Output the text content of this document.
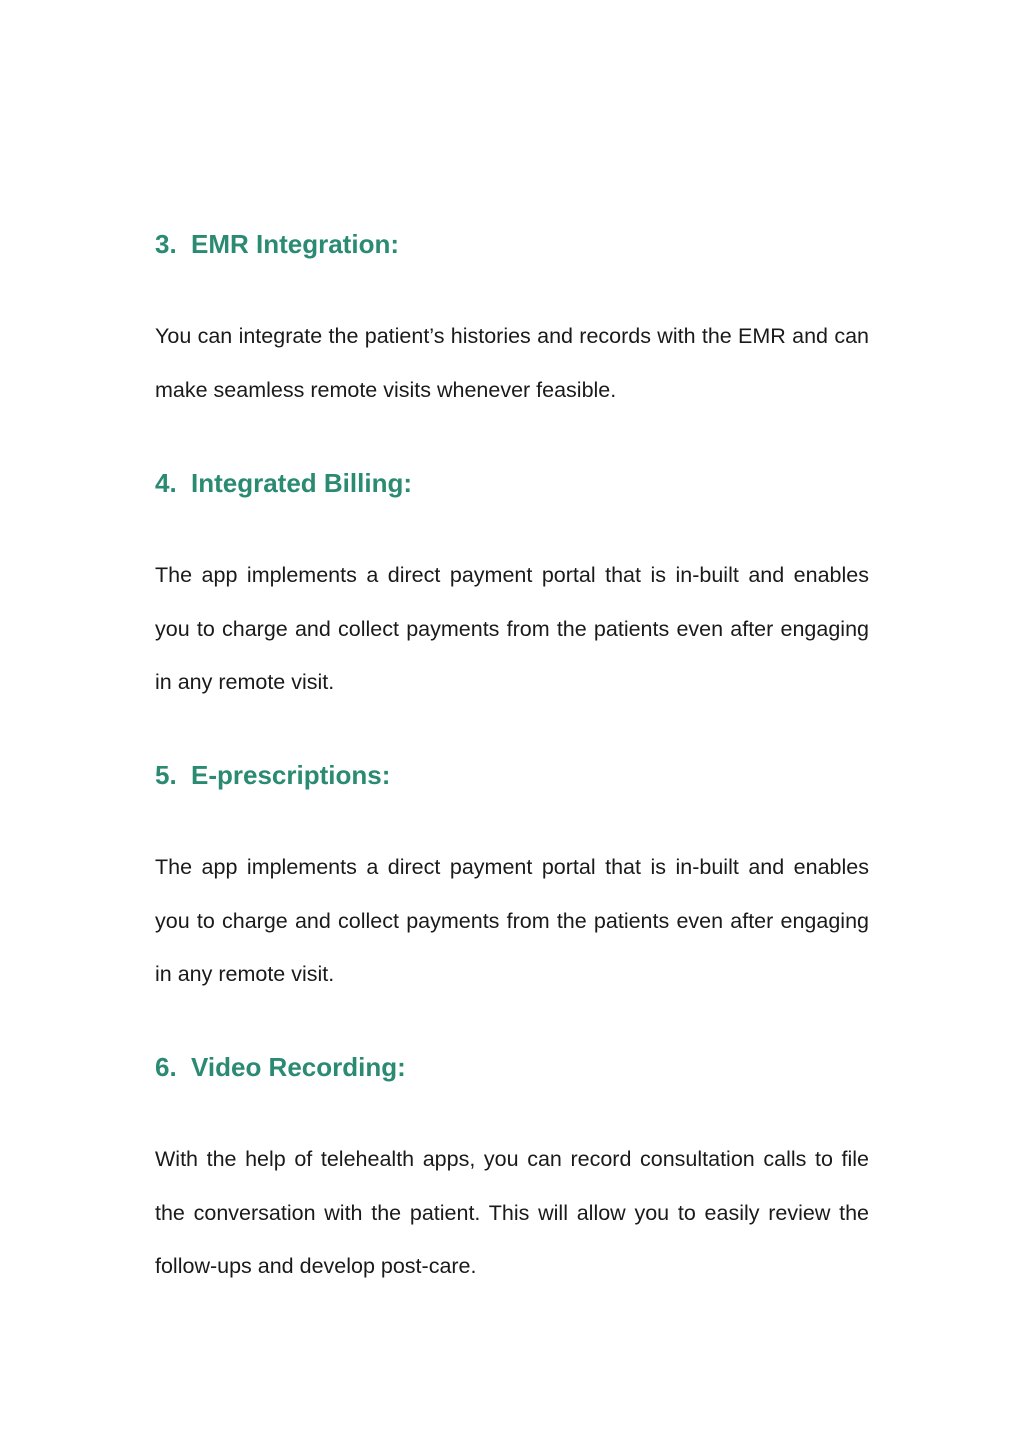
3. EMR Integration:

You can integrate the patient’s histories and records with the EMR and can make seamless remote visits whenever feasible.

4. Integrated Billing:

The app implements a direct payment portal that is in-built and enables you to charge and collect payments from the patients even after engaging in any remote visit.

5. E-prescriptions:

The app implements a direct payment portal that is in-built and enables you to charge and collect payments from the patients even after engaging in any remote visit.

6. Video Recording:

With the help of telehealth apps, you can record consultation calls to file the conversation with the patient. This will allow you to easily review the follow-ups and develop post-care.
